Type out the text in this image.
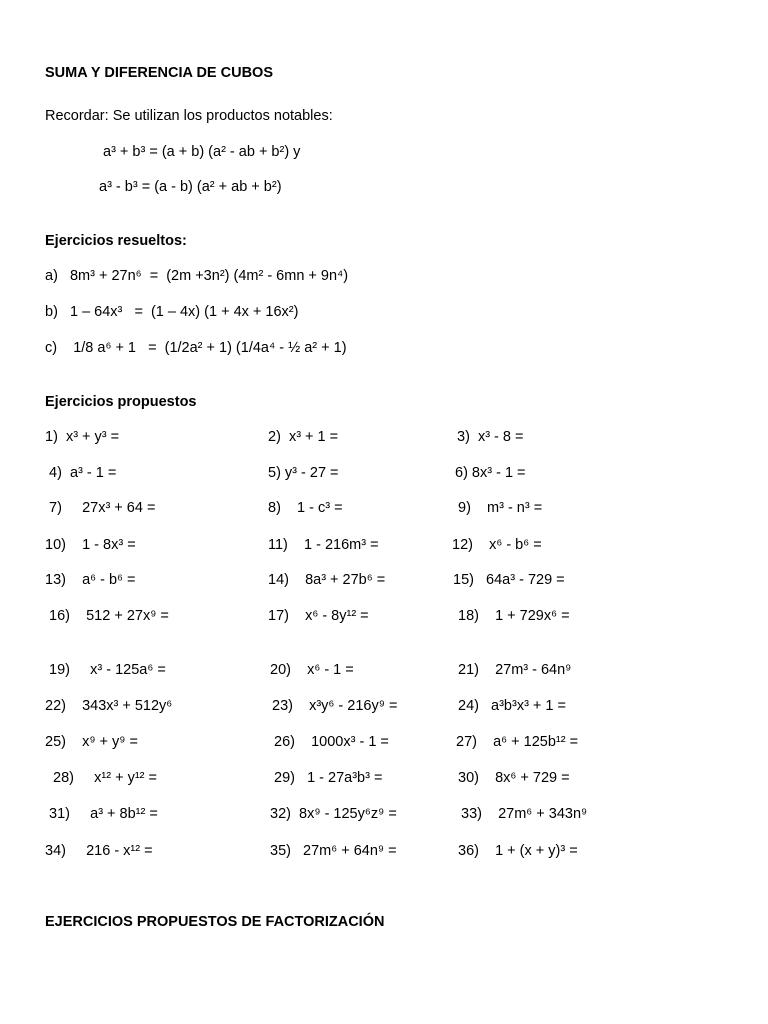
SUMA Y DIFERENCIA DE CUBOS
Recordar: Se utilizan los productos notables:
a³ + b³ = (a + b) (a² - ab + b²) y
a³ - b³ = (a - b) (a² + ab + b²)
Ejercicios resueltos:
a)   8m³ + 27n⁶  =  (2m +3n²) (4m² - 6mn + 9n⁴)
b)   1 – 64x³   =  (1 – 4x) (1 + 4x + 16x²)
c)    1/8 a⁶ + 1   =  (1/2a² + 1) (1/4a⁴ - ½ a² + 1)
Ejercicios propuestos
1)  x³ + y³ =	2)  x³ + 1 =	3)  x³ - 8 =
4)  a³ - 1 =	5) y³ - 27 =	6) 8x³ - 1 =
7)     27x³ + 64 =	8)    1 - c³ =	9)    m³ - n³ =
10)    1 - 8x³ =	11)    1 - 216m³ =	12)    x⁶ - b⁶ =
13)    a⁶ - b⁶ =	14)    8a³ + 27b⁶ =	15)   64a³ - 729 =
16)    512 + 27x⁹ =	17)    x⁶ - 8y¹² =	18)    1 + 729x⁶ =
19)     x³ - 125a⁶ =	20)    x⁶ - 1 =	21)    27m³ - 64n⁹
22)    343x³ + 512y⁶	23)    x³y⁶ - 216y⁹ =	24)   a³b³x³ + 1 =
25)    x⁹ + y⁹ =	26)    1000x³ - 1 =	27)    a⁶ + 125b¹² =
28)     x¹² + y¹² =	29)   1 - 27a³b³ =	30)    8x⁶ + 729 =
31)     a³ + 8b¹² =	32)  8x⁹ - 125y⁶z⁹ =	33)    27m⁶ + 343n⁹
34)     216 - x¹² =	35)   27m⁶ + 64n⁹ =	36)    1 + (x + y)³ =
EJERCICIOS PROPUESTOS DE FACTORIZACIÓN
